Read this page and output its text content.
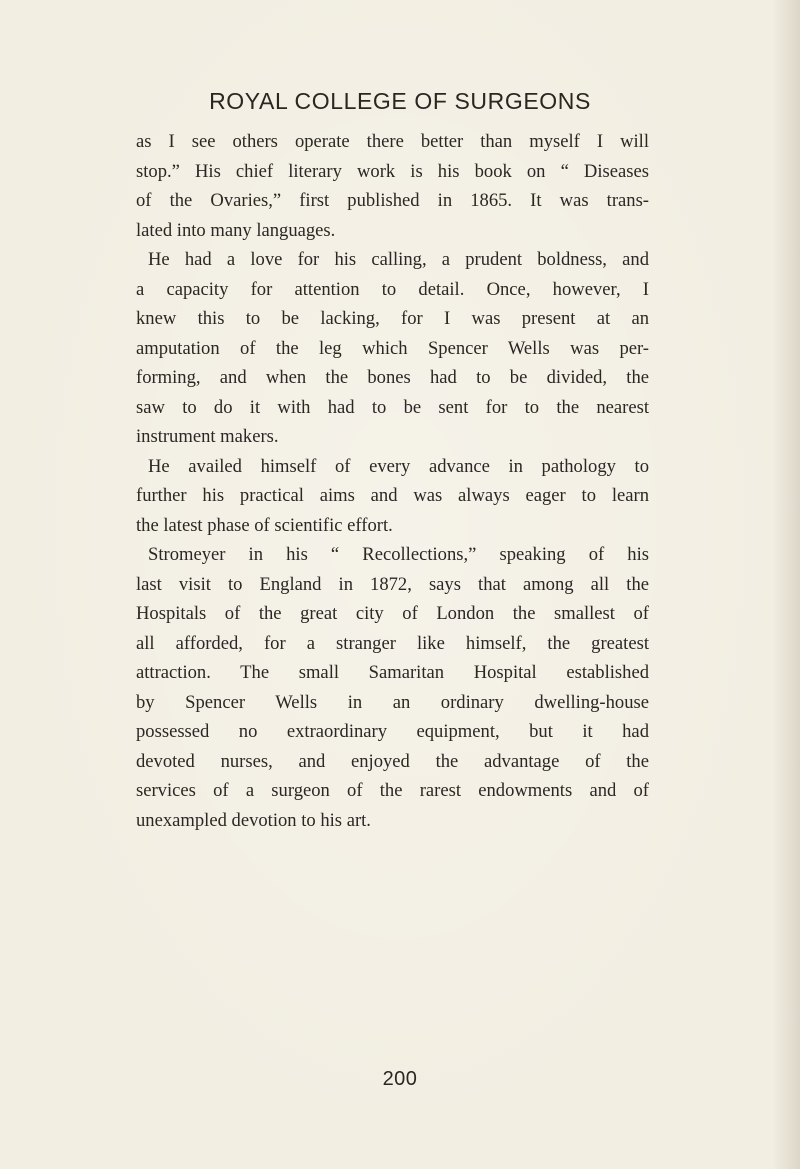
ROYAL COLLEGE OF SURGEONS
as I see others operate there better than myself I will
stop.” His chief literary work is his book on “ Diseases
of the Ovaries,” first published in 1865. It was trans-
lated into many languages.
He had a love for his calling, a prudent boldness, and
a capacity for attention to detail. Once, however, I
knew this to be lacking, for I was present at an
amputation of the leg which Spencer Wells was per-
forming, and when the bones had to be divided, the
saw to do it with had to be sent for to the nearest
instrument makers.
He availed himself of every advance in pathology to
further his practical aims and was always eager to learn
the latest phase of scientific effort.
Stromeyer in his “ Recollections,” speaking of his
last visit to England in 1872, says that among all the
Hospitals of the great city of London the smallest of
all afforded, for a stranger like himself, the greatest
attraction. The small Samaritan Hospital established
by Spencer Wells in an ordinary dwelling-house
possessed no extraordinary equipment, but it had
devoted nurses, and enjoyed the advantage of the
services of a surgeon of the rarest endowments and of
unexampled devotion to his art.
200
